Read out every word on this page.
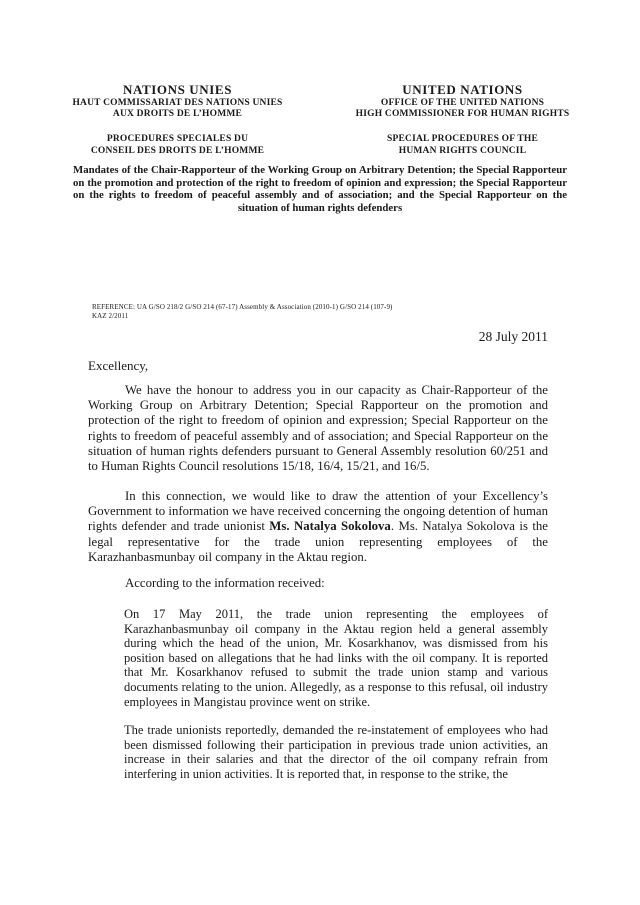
NATIONS UNIES
HAUT COMMISSARIAT DES NATIONS UNIES
AUX DROITS DE L’HOMME
PROCEDURES SPECIALES DU
CONSEIL DES DROITS DE L’HOMME
UNITED NATIONS
OFFICE OF THE UNITED NATIONS
HIGH COMMISSIONER FOR HUMAN RIGHTS
SPECIAL PROCEDURES OF THE
HUMAN RIGHTS COUNCIL
Mandates of the Chair-Rapporteur of the Working Group on Arbitrary Detention; the Special Rapporteur on the promotion and protection of the right to freedom of opinion and expression; the Special Rapporteur on the rights to freedom of peaceful assembly and of association; and the Special Rapporteur on the situation of human rights defenders
REFERENCE: UA G/SO 218/2 G/SO 214 (67-17) Assembly & Association (2010-1) G/SO 214 (107-9)
KAZ 2/2011
28 July 2011
Excellency,
We have the honour to address you in our capacity as Chair-Rapporteur of the Working Group on Arbitrary Detention; Special Rapporteur on the promotion and protection of the right to freedom of opinion and expression; Special Rapporteur on the rights to freedom of peaceful assembly and of association; and Special Rapporteur on the situation of human rights defenders pursuant to General Assembly resolution 60/251 and to Human Rights Council resolutions 15/18, 16/4, 15/21, and 16/5.
In this connection, we would like to draw the attention of your Excellency’s Government to information we have received concerning the ongoing detention of human rights defender and trade unionist Ms. Natalya Sokolova. Ms. Natalya Sokolova is the legal representative for the trade union representing employees of the Karazhanbasmunbay oil company in the Aktau region.
According to the information received:
On 17 May 2011, the trade union representing the employees of Karazhanbasmunbay oil company in the Aktau region held a general assembly during which the head of the union, Mr. Kosarkhanov, was dismissed from his position based on allegations that he had links with the oil company. It is reported that Mr. Kosarkhanov refused to submit the trade union stamp and various documents relating to the union. Allegedly, as a response to this refusal, oil industry employees in Mangistau province went on strike.
The trade unionists reportedly, demanded the re-instatement of employees who had been dismissed following their participation in previous trade union activities, an increase in their salaries and that the director of the oil company refrain from interfering in union activities. It is reported that, in response to the strike, the
